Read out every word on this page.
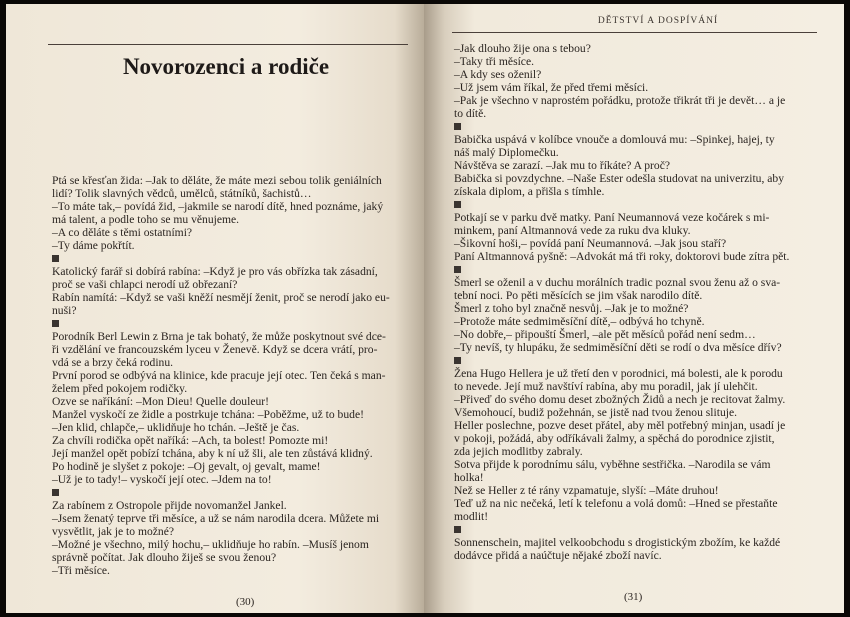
Novorozenci a rodiče
Ptá se křesťan žida: –Jak to děláte, že máte mezi sebou tolik geniálních
lidí? Tolik slavných vědců, umělců, státníků, šachistů…
–To máte tak,– povídá žid, –jakmile se narodí dítě, hned poznáme, jaký
má talent, a podle toho se mu věnujeme.
–A co děláte s těmi ostatními?
–Ty dáme pokřtít.
Katolický farář si dobírá rabína: –Když je pro vás obřízka tak zásadní,
proč se vaši chlapci nerodí už obřezaní?
Rabín namítá: –Když se vaši kněží nesmějí ženit, proč se nerodí jako eu-
nuši?
Porodník Berl Lewin z Brna je tak bohatý, že může poskytnout své dce-
ři vzdělání ve francouzském lyceu v Ženevě. Když se dcera vrátí, pro-
vdá se a brzy čeká rodinu.
První porod se odbývá na klinice, kde pracuje její otec. Ten čeká s man-
želem před pokojem rodičky.
Ozve se naříkání: –Mon Dieu! Quelle douleur!
Manžel vyskočí ze židle a postrkuje tchána: –Poběžme, už to bude!
–Jen klid, chlapče,– uklidňuje ho tchán. –Ještě je čas.
Za chvíli rodička opět naříká: –Ach, ta bolest! Pomozte mi!
Její manžel opět pobízí tchána, aby k ní už šli, ale ten zůstává klidný.
Po hodině je slyšet z pokoje: –Oj gevalt, oj gevalt, mame!
–Už je to tady!– vyskočí její otec. –Jdem na to!
Za rabínem z Ostropole přijde novomanžel Jankel.
–Jsem ženatý teprve tři měsíce, a už se nám narodila dcera. Můžete mi
vysvětlit, jak je to možné?
–Možné je všechno, milý hochu,– uklidňuje ho rabín. –Musíš jenom
správně počítat. Jak dlouho žiješ se svou ženou?
–Tři měsíce.
(30)
DĚTSTVÍ A DOSPÍVÁNÍ
–Jak dlouho žije ona s tebou?
–Taky tři měsíce.
–A kdy ses oženil?
–Už jsem vám říkal, že před třemi měsíci.
–Pak je všechno v naprostém pořádku, protože třikrát tři je devět… a je
to dítě.
Babička uspává v kolíbce vnouče a domlouvá mu: –Spinkej, hajej, ty
náš malý Diplomečku.
Návštěva se zarazí. –Jak mu to říkáte? A proč?
Babička si povzdychne. –Naše Ester odešla studovat na univerzitu, aby
získala diplom, a přišla s tímhle.
Potkají se v parku dvě matky. Paní Neumannová veze kočárek s mi-
minkem, paní Altmannová vede za ruku dva kluky.
–Šikovní hoši,– povídá paní Neumannová. –Jak jsou staří?
Paní Altmannová pyšně: –Advokát má tři roky, doktorovi bude zítra pět.
Šmerl se oženil a v duchu morálních tradic poznal svou ženu až o sva-
tební noci. Po pěti měsících se jim však narodilo dítě.
Šmerl z toho byl značně nesvůj. –Jak je to možné?
–Protože máte sedmiměsíční dítě,– odbývá ho tchyně.
–No dobře,– připouští Šmerl, –ale pět měsíců pořád není sedm…
–Ty nevíš, ty hlupáku, že sedmiměsíční děti se rodí o dva měsíce dřív?
Žena Hugo Hellera je už třetí den v porodnici, má bolesti, ale k porodu
to nevede. Její muž navštíví rabína, aby mu poradil, jak jí ulehčit.
–Přiveď do svého domu deset zbožných Židů a nech je recitovat žalmy.
Všemohoucí, budiž požehnán, se jistě nad tvou ženou slituje.
Heller poslechne, pozve deset přátel, aby měl potřebný minjan, usadí je
v pokoji, požádá, aby odříkávali žalmy, a spěchá do porodnice zjistit,
zda jejich modlitby zabraly.
Sotva přijde k porodnímu sálu, vyběhne sestřička. –Narodila se vám
holka!
Než se Heller z té rány vzpamatuje, slyší: –Máte druhou!
Teď už na nic nečeká, letí k telefonu a volá domů: –Hned se přestaňte
modlit!
Sonnenschein, majitel velkoobchodu s drogistickým zbožím, ke každé
dodávce přidá a naúčtuje nějaké zboží navíc.
(31)
